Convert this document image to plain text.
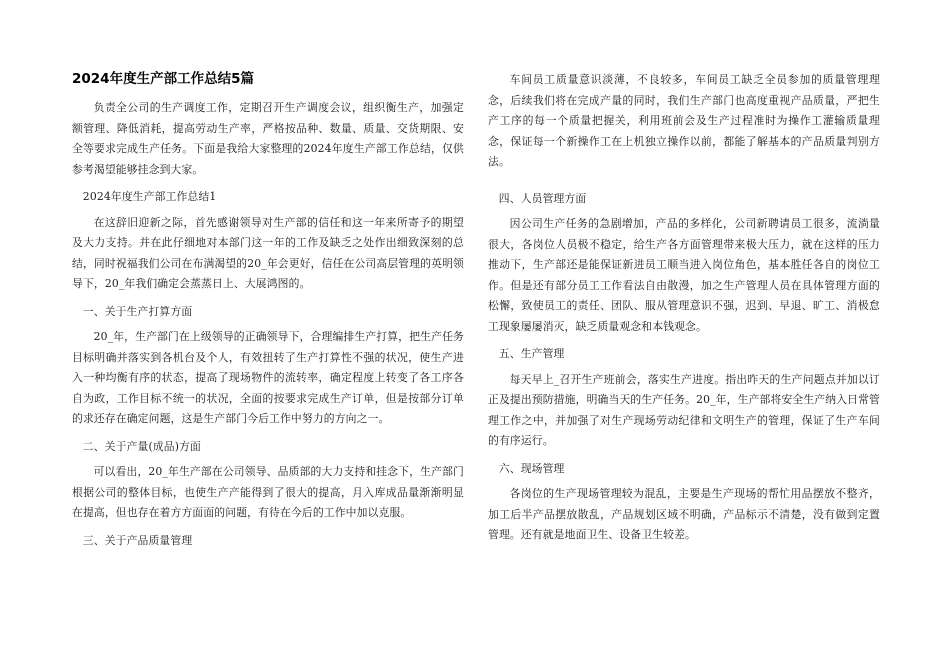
2024年度生产部工作总结5篇

负责全公司的生产调度工作，定期召开生产调度会议，组织衡生产，加强定额管理、降低消耗，提高劳动生产率，严格按品种、数量、质量、交货期限、安全等要求完成生产任务。下面是我给大家整理的2024年度生产部工作总结，仅供参考渴望能够挂念到大家。

2024年度生产部工作总结1

在这辞旧迎新之际，首先感谢领导对生产部的信任和这一年来所寄予的期望及大力支持。并在此仔细地对本部门这一年的工作及缺乏之处作出细致深刻的总结，同时祝福我们公司在布满渴望的20_年会更好，信任在公司高层管理的英明领导下，20_年我们确定会蒸蒸日上、大展鸿图的。

一、关于生产打算方面

20_年，生产部门在上级领导的正确领导下，合理编排生产打算，把生产任务目标明确并落实到各机台及个人，有效扭转了生产打算性不强的状况，使生产进入一种均衡有序的状态，提高了现场物件的流转率，确定程度上转变了各工序各自为政，工作目标不统一的状况，全面的按要求完成生产订单，但是按部分订单的求还存在确定问题，这是生产部门今后工作中努力的方向之一。

二、关于产量(成品)方面

可以看出，20_年生产部在公司领导、品质部的大力支持和挂念下，生产部门根据公司的整体目标，也使生产产能得到了很大的提高，月入库成品量渐渐明显在提高，但也存在着方方面面的问题，有待在今后的工作中加以克服。

三、关于产品质量管理

车间员工质量意识淡薄，不良较多，车间员工缺乏全员参加的质量管理理念，后续我们将在完成产量的同时，我们生产部门也高度重视产品质量，严把生产工序的每一个质量把握关，利用班前会及生产过程准时为操作工灌输质量理念，保证每一个新操作工在上机独立操作以前，都能了解基本的产品质量判别方法。

四、人员管理方面

因公司生产任务的急剧增加，产品的多样化，公司新聘请员工很多，流淌量很大，各岗位人员极不稳定，给生产各方面管理带来极大压力，就在这样的压力推动下，生产部还是能保证新进员工顺当进入岗位角色，基本胜任各自的岗位工作。但是还有部分员工工作看法自由散漫，加之生产管理人员在具体管理方面的松懈，致使员工的责任、团队、服从管理意识不强，迟到、早退、旷工、消极怠工现象屡屡消灭，缺乏质量观念和本钱观念。

五、生产管理

每天早上_召开生产班前会，落实生产进度。指出昨天的生产问题点并加以订正及提出预防措施，明确当天的生产任务。20_年，生产部将安全生产纳入日常管理工作之中，并加强了对生产现场劳动纪律和文明生产的管理，保证了生产车间的有序运行。

六、现场管理

各岗位的生产现场管理较为混乱，主要是生产现场的帮忙用品摆放不整齐，加工后半产品摆放散乱，产品规划区域不明确，产品标示不清楚，没有做到定置管理。还有就是地面卫生、设备卫生较差。
